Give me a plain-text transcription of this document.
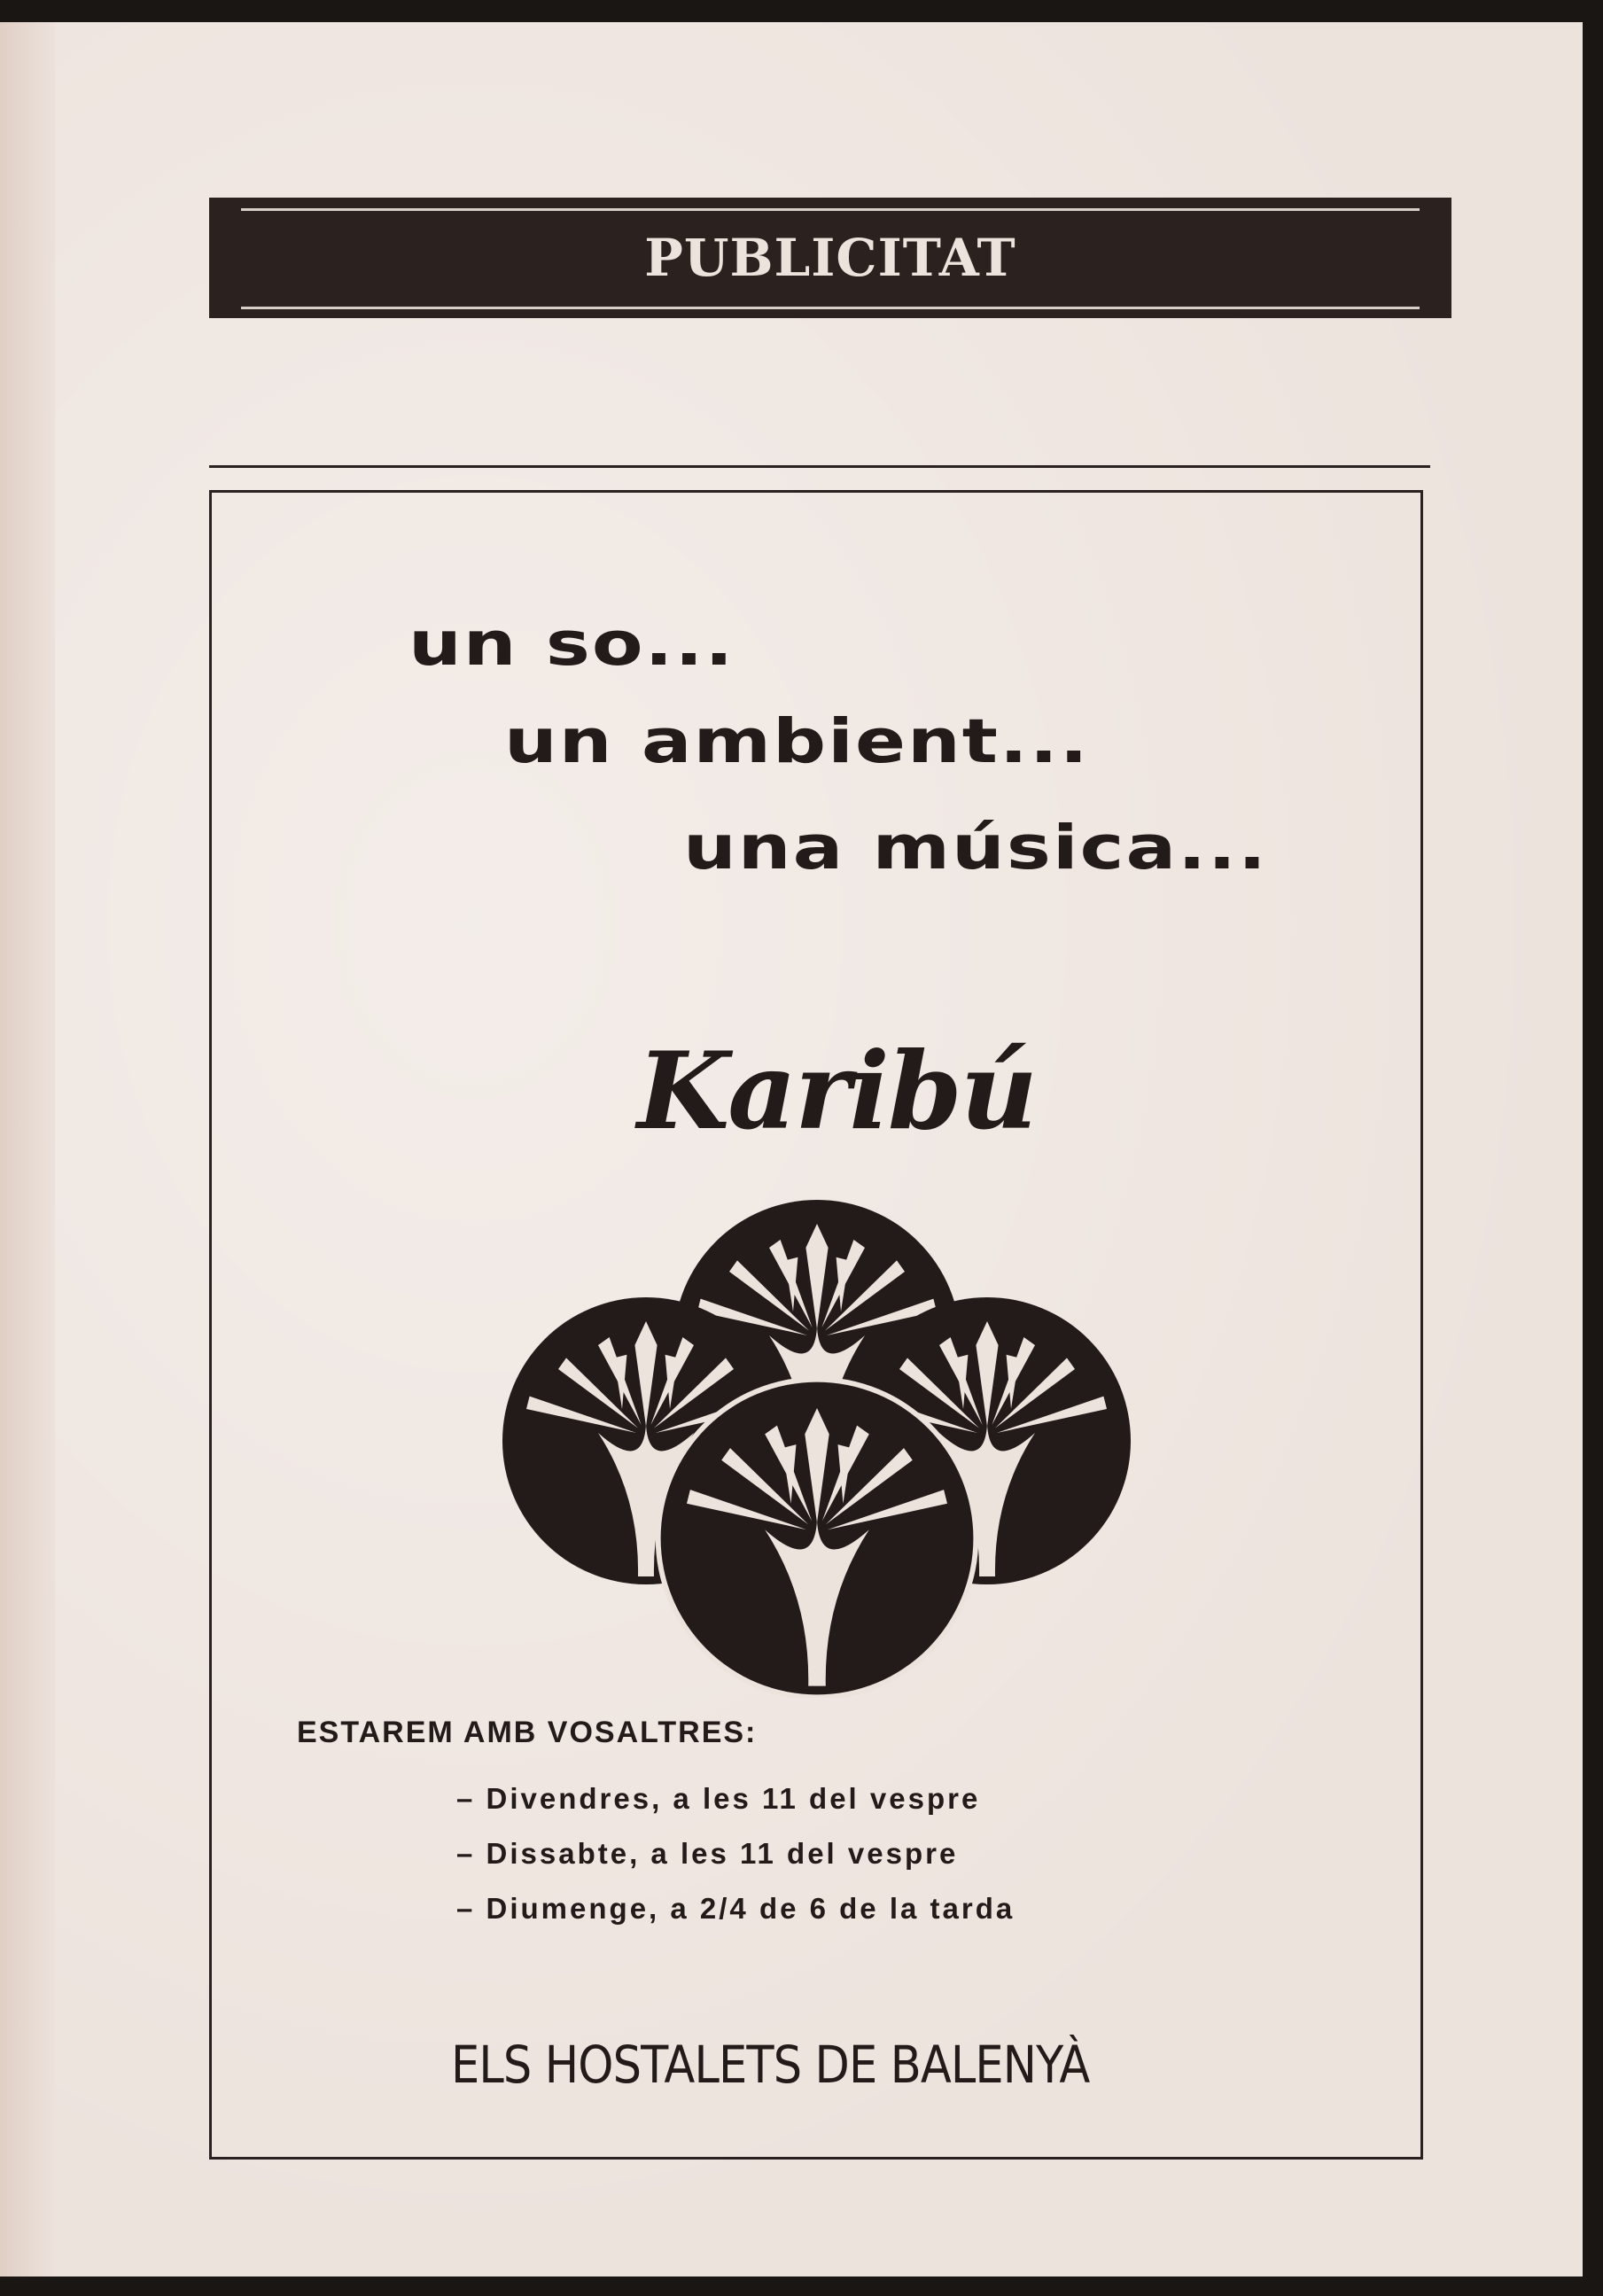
PUBLICITAT
un so...
un ambient...
una música...
Karibú
ESTAREM AMB VOSALTRES:
– Divendres, a les 11 del vespre
– Dissabte, a les 11 del vespre
– Diumenge, a 2/4 de 6 de la tarda
ELS HOSTALETS DE BALENYÀ
